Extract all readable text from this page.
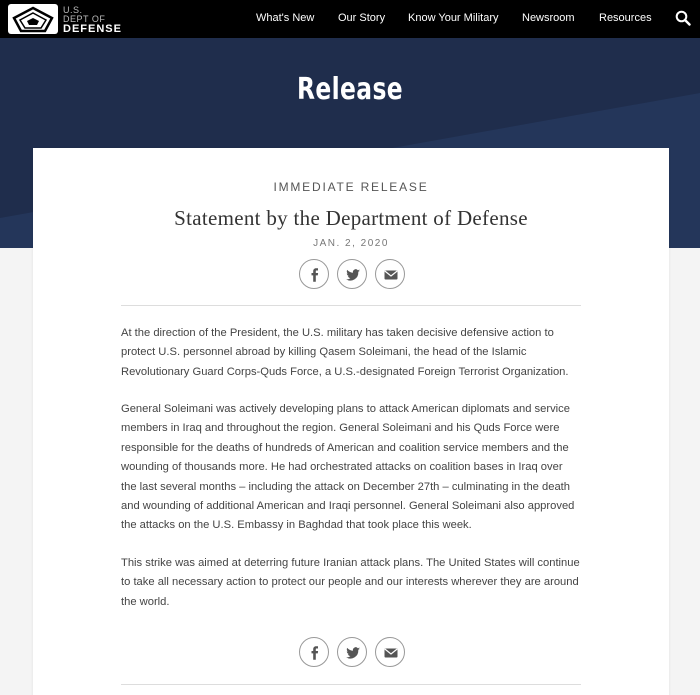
U.S.
DEPT OF
DEFENSE
What's New Our Story Know Your Military Newsroom Resources
Release
IMMEDIATE RELEASE
Statement by the Department of Defense
JAN. 2, 2020

At the direction of the President, the U.S. military has taken decisive defensive action to protect U.S. personnel abroad by killing Qasem Soleimani, the head of the Islamic Revolutionary Guard Corps-Quds Force, a U.S.-designated Foreign Terrorist Organization.

General Soleimani was actively developing plans to attack American diplomats and service members in Iraq and throughout the region. General Soleimani and his Quds Force were responsible for the deaths of hundreds of American and coalition service members and the wounding of thousands more. He had orchestrated attacks on coalition bases in Iraq over the last several months – including the attack on December 27th – culminating in the death and wounding of additional American and Iraqi personnel. General Soleimani also approved the attacks on the U.S. Embassy in Baghdad that took place this week.

This strike was aimed at deterring future Iranian attack plans. The United States will continue to take all necessary action to protect our people and our interests wherever they are around the world.
